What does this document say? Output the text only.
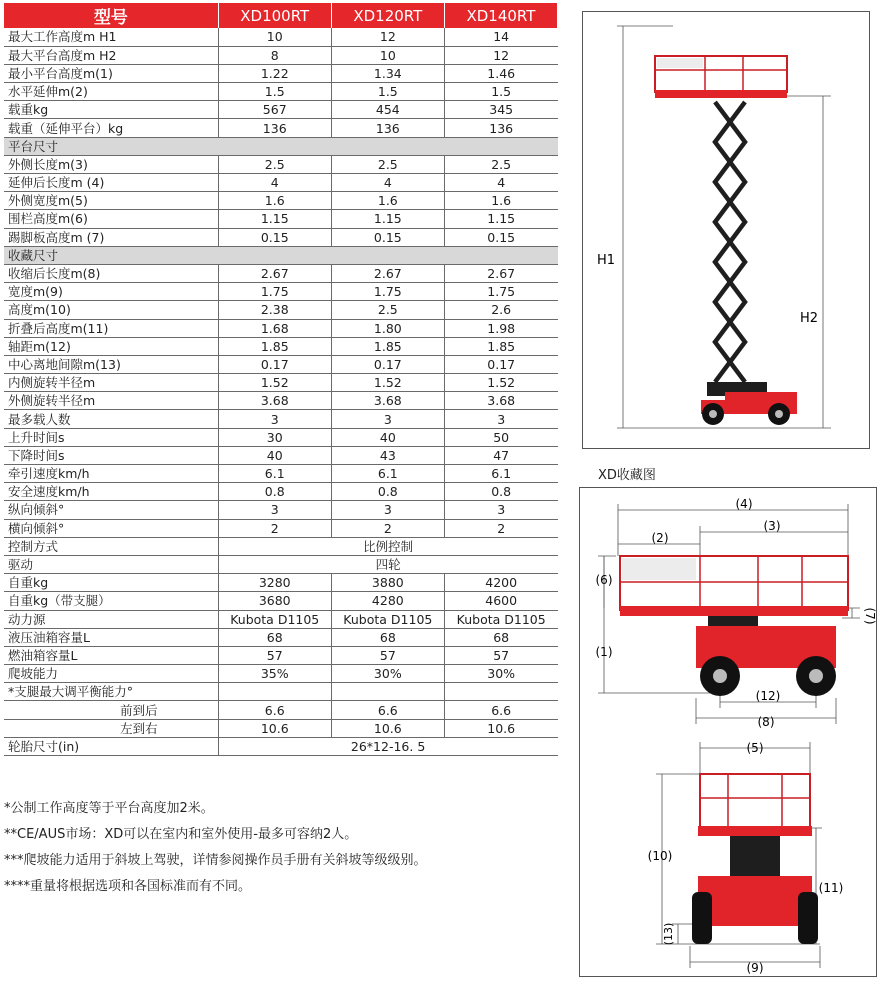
型号	XD100RT	XD120RT	XD140RT
最大工作高度m H1	10	12	14
最大平台高度m H2	8	10	12
最小平台高度m(1)	1.22	1.34	1.46
水平延伸m(2)	1.5	1.5	1.5
载重kg	567	454	345
载重（延伸平台）kg	136	136	136
平台尺寸			
外侧长度m(3)	2.5	2.5	2.5
延伸后长度m (4)	4	4	4
外侧宽度m(5)	1.6	1.6	1.6
围栏高度m(6)	1.15	1.15	1.15
踢脚板高度m (7)	0.15	0.15	0.15
收藏尺寸			
收缩后长度m(8)	2.67	2.67	2.67
宽度m(9)	1.75	1.75	1.75
高度m(10)	2.38	2.5	2.6
折叠后高度m(11)	1.68	1.80	1.98
轴距m(12)	1.85	1.85	1.85
中心离地间隙m(13)	0.17	0.17	0.17
内侧旋转半径m	1.52	1.52	1.52
外侧旋转半径m	3.68	3.68	3.68
最多载人数	3	3	3
上升时间s	30	40	50
下降时间s	40	43	47
牵引速度km/h	6.1	6.1	6.1
安全速度km/h	0.8	0.8	0.8
纵向倾斜°	3	3	3
横向倾斜°	2	2	2
控制方式	比例控制		
驱动	四轮		
自重kg	3280	3880	4200
自重kg（带支腿）	3680	4280	4600
动力源	Kubota D1105	Kubota D1105	Kubota D1105
液压油箱容量L	68	68	68
燃油箱容量L	57	57	57
爬坡能力	35%	30%	30%
*支腿最大调平衡能力°			
前到后	6.6	6.6	6.6
左到右	10.6	10.6	10.6
轮胎尺寸(in)	26*12-16. 5		

*公制工作高度等于平台高度加2米。

**CE/AUS市场：XD可以在室内和室外使用-最多可容纳2人。

***爬坡能力适用于斜坡上驾驶，详情参阅操作员手册有关斜坡等级级别。

****重量将根据选项和各国标准而有不同。

H1
H2
XD收藏图
(4)
(3)
(2)
(6)
(1)
(7)
(12)
(8)
(5)
(10)
(11)
(13)
(9)
